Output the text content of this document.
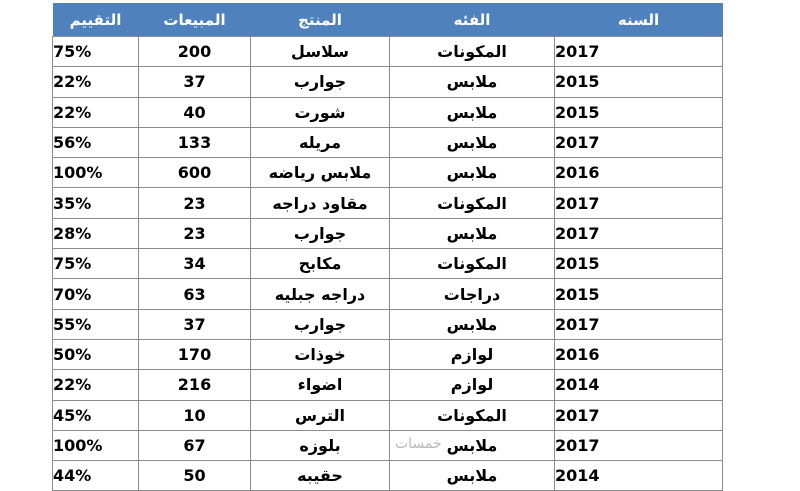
السنه	الفئه	المنتج	المبيعات	التقييم
2017	المكونات	سلاسل	200	75%
2015	ملابس	جوارب	37	22%
2015	ملابس	شورت	40	22%
2017	ملابس	مريله	133	56%
2016	ملابس	ملابس رياضه	600	100%
2017	المكونات	مقاود دراجه	23	35%
2017	ملابس	جوارب	23	28%
2015	المكونات	مكابح	34	75%
2015	دراجات	دراجه جبليه	63	70%
2017	ملابس	جوارب	37	55%
2016	لوازم	خوذات	170	50%
2014	لوازم	اضواء	216	22%
2017	المكونات	الترس	10	45%
2017	ملابس	بلوزه	67	100%
2014	ملابس	حقيبه	50	44%
خمسات
